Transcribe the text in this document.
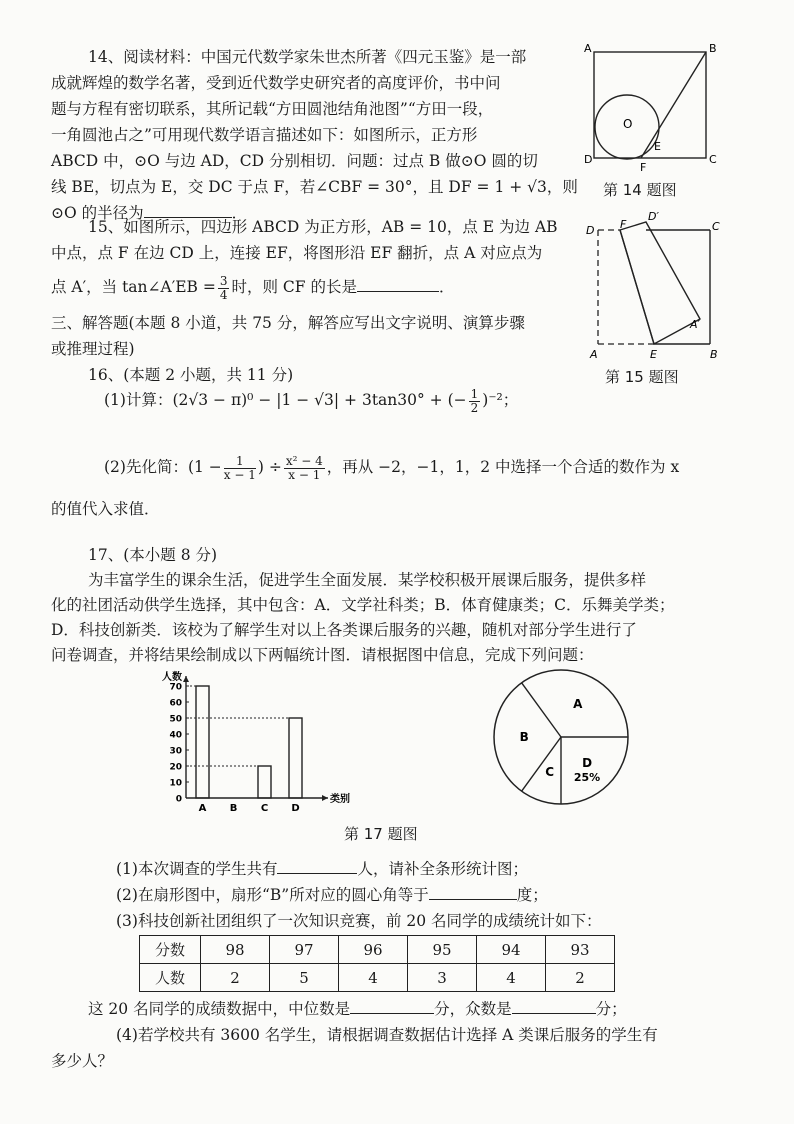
14、阅读材料：中国元代数学家朱世杰所著《四元玉鉴》是一部
成就辉煌的数学名著，受到近代数学史研究者的高度评价，书中问
题与方程有密切联系，其所记载“方田圆池结角池图”“方田一段，
一角圆池占之”可用现代数学语言描述如下：如图所示，正方形
ABCD 中，⊙O 与边 AD，CD 分别相切．问题：过点 B 做⊙O 圆的切
线 BE，切点为 E，交 DC 于点 F，若∠CBF = 30°，且 DF = 1 + √3，则
⊙O 的半径为	．
A	B
C
D
E
F
O
第 14 题图
15、如图所示，四边形 ABCD 为正方形，AB = 10，点 E 为边 AB
中点，点 F 在边 CD 上，连接 EF，将图形沿 EF 翻折，点 A 对应点为
点 A′，当 tan∠A′EB = $\frac{3}{4}$ 时，则 CF 的长是	．
D F
D′
C
A′
A	E	B
第 15 题图
三、解答题(本题 8 小道，共 75 分，解答应写出文字说明、演算步骤
或推理过程)
16、(本题 2 小题，共 11 分)
(1)计算：(2√3 − π)⁰ − |1 − √3| + 3tan30° + (− $\frac{1}{2} )^{-2}$；
(2)先化简：($1 - \frac{1}{x - 1}$ ) ÷ $\frac{\text{x² − 4}}{x - 1}$ ，再从 −2，−1，1，2 中选择一个合适的数作为 x
的值代入求值．
17、(本小题 8 分)
为丰富学生的课余生活，促进学生全面发展．某学校积极开展课后服务，提供多样
化的社团活动供学生选择，其中包含：A．文学社科类；B．体育健康类；C．乐舞美学类；
D．科技创新类．该校为了解学生对以上各类课后服务的兴趣，随机对部分学生进行了
问卷调查，并将结果绘制成以下两幅统计图．请根据图中信息，完成下列问题：
人数
类别
0
10
20
30
40
50
60
70
A B C D
D
25%
A
B
C
第 17 题图
(1)本次调查的学生共有	人，请补全条形统计图；
(2)在扇形图中，扇形“B”所对应的圆心角等于	度；
(3)科技创新社团组织了一次知识竞赛，前 20 名同学的成绩统计如下：
分数	98	97	96	95	94	93
人数	2	5	4	3	4	2
这 20 名同学的成绩数据中，中位数是	分，众数是	分；
(4)若学校共有 3600 名学生，请根据调查数据估计选择 A 类课后服务的学生有
多少人？
